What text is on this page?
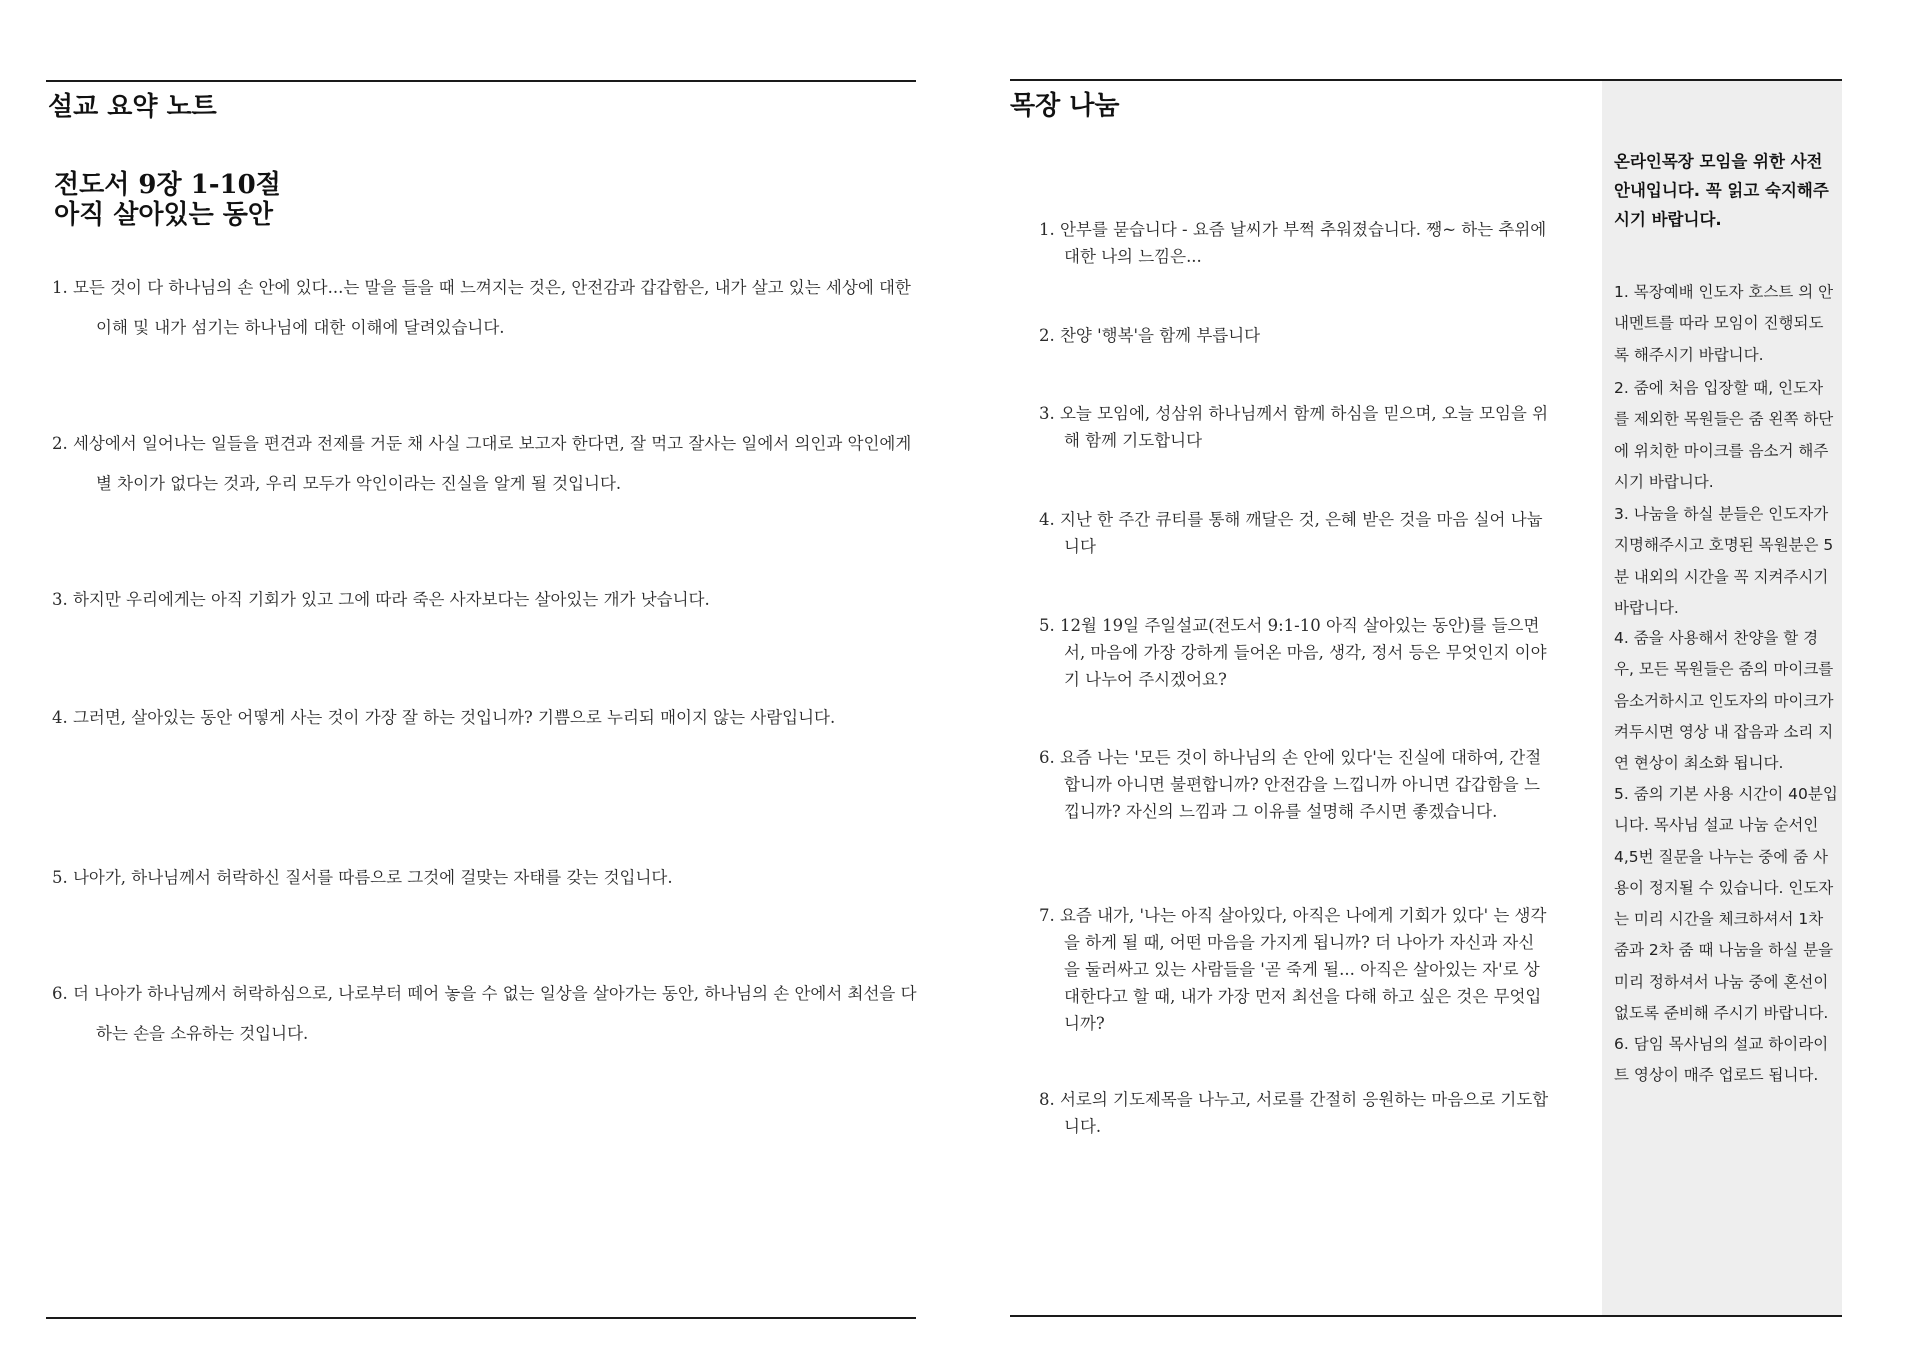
설교 요약 노트
전도서 9장 1-10절
아직 살아있는 동안
1. 모든 것이 다 하나님의 손 안에 있다...는 말을 들을 때 느껴지는 것은, 안전감과 갑갑함은, 내가 살고 있는 세상에 대한 이해 및 내가 섬기는 하나님에 대한 이해에 달려있습니다.
2. 세상에서 일어나는 일들을 편견과 전제를 거둔 채 사실 그대로 보고자 한다면, 잘 먹고 잘사는 일에서 의인과 악인에게 별 차이가 없다는 것과, 우리 모두가 악인이라는 진실을 알게 될 것입니다.
3. 하지만 우리에게는 아직 기회가 있고 그에 따라 죽은 사자보다는 살아있는 개가 낫습니다.
4. 그러면, 살아있는 동안 어떻게 사는 것이 가장 잘 하는 것입니까? 기쁨으로 누리되 매이지 않는 사람입니다.
5. 나아가, 하나님께서 허락하신 질서를 따름으로 그것에 걸맞는 자태를 갖는 것입니다.
6. 더 나아가 하나님께서 허락하심으로, 나로부터 떼어 놓을 수 없는 일상을 살아가는 동안, 하나님의 손 안에서 최선을 다하는 손을 소유하는 것입니다.
목장 나눔
1. 안부를 묻습니다 - 요즘 날씨가 부쩍 추워졌습니다. 쨍~ 하는 추위에 대한 나의 느낌은...
2. 찬양 '행복'을 함께 부릅니다
3. 오늘 모임에, 성삼위 하나님께서 함께 하심을 믿으며, 오늘 모임을 위해 함께 기도합니다
4. 지난 한 주간 큐티를 통해 깨달은 것, 은혜 받은 것을 마음 실어 나눕니다
5. 12월 19일 주일설교(전도서 9:1-10 아직 살아있는 동안)를 들으면서, 마음에 가장 강하게 들어온 마음, 생각, 정서 등은 무엇인지 이야기 나누어 주시겠어요?
6. 요즘 나는 '모든 것이 하나님의 손 안에 있다'는 진실에 대하여, 간절합니까 아니면 불편합니까? 안전감을 느낍니까 아니면 갑갑함을 느낍니까? 자신의 느낌과 그 이유를 설명해 주시면 좋겠습니다.
7. 요즘 내가, '나는 아직 살아있다, 아직은 나에게 기회가 있다' 는 생각을 하게 될 때, 어떤 마음을 가지게 됩니까? 더 나아가 자신과 자신을 둘러싸고 있는 사람들을 '곧 죽게 될... 아직은 살아있는 자'로 상대한다고 할 때, 내가 가장 먼저 최선을 다해 하고 싶은 것은 무엇입니까?
8. 서로의 기도제목을 나누고, 서로를 간절히 응원하는 마음으로 기도합니다.

온라인목장 모임을 위한 사전 안내입니다. 꼭 읽고 숙지해주시기 바랍니다.

1. 목장예배 인도자 호스트 의 안내멘트를 따라 모임이 진행되도록 해주시기 바랍니다.
2. 줌에 처음 입장할 때, 인도자를 제외한 목원들은 줌 왼쪽 하단에 위치한 마이크를 음소거 해주시기 바랍니다.
3. 나눔을 하실 분들은 인도자가 지명해주시고 호명된 목원분은 5분 내외의 시간을 꼭 지켜주시기 바랍니다.
4. 줌을 사용해서 찬양을 할 경우, 모든 목원들은 줌의 마이크를 음소거하시고 인도자의 마이크가 켜두시면 영상 내 잡음과 소리 지연 현상이 최소화 됩니다.
5. 줌의 기본 사용 시간이 40분입니다. 목사님 설교 나눔 순서인 4,5번 질문을 나누는 중에 줌 사용이 정지될 수 있습니다. 인도자는 미리 시간을 체크하셔서 1차 줌과 2차 줌 때 나눔을 하실 분을 미리 정하셔서 나눔 중에 혼선이 없도록 준비해 주시기 바랍니다.
6. 담임 목사님의 설교 하이라이트 영상이 매주 업로드 됩니다.
